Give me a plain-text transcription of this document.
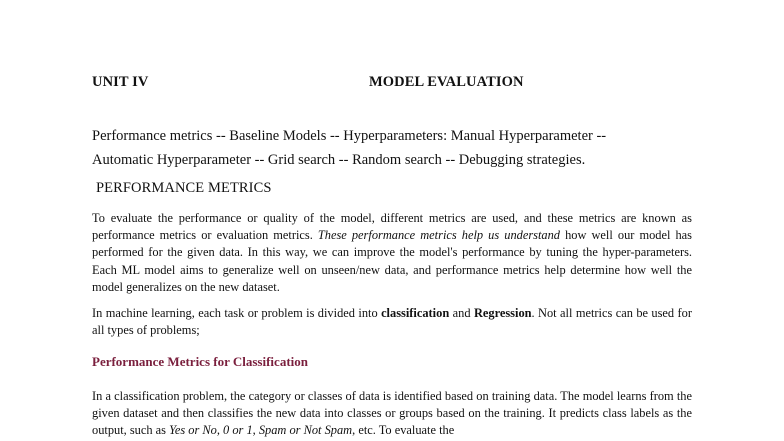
UNIT IV	MODEL EVALUATION
Performance metrics -- Baseline Models -- Hyperparameters: Manual Hyperparameter --
Automatic Hyperparameter -- Grid search -- Random search -- Debugging strategies.
PERFORMANCE METRICS
To evaluate the performance or quality of the model, different metrics are used, and these metrics are known as performance metrics or evaluation metrics. These performance metrics help us understand how well our model has performed for the given data. In this way, we can improve the model's performance by tuning the hyper-parameters. Each ML model aims to generalize well on unseen/new data, and performance metrics help determine how well the model generalizes on the new dataset.
In machine learning, each task or problem is divided into classification and Regression. Not all metrics can be used for all types of problems;
Performance Metrics for Classification
In a classification problem, the category or classes of data is identified based on training data. The model learns from the given dataset and then classifies the new data into classes or groups based on the training. It predicts class labels as the output, such as Yes or No, 0 or 1, Spam or Not Spam, etc. To evaluate the
